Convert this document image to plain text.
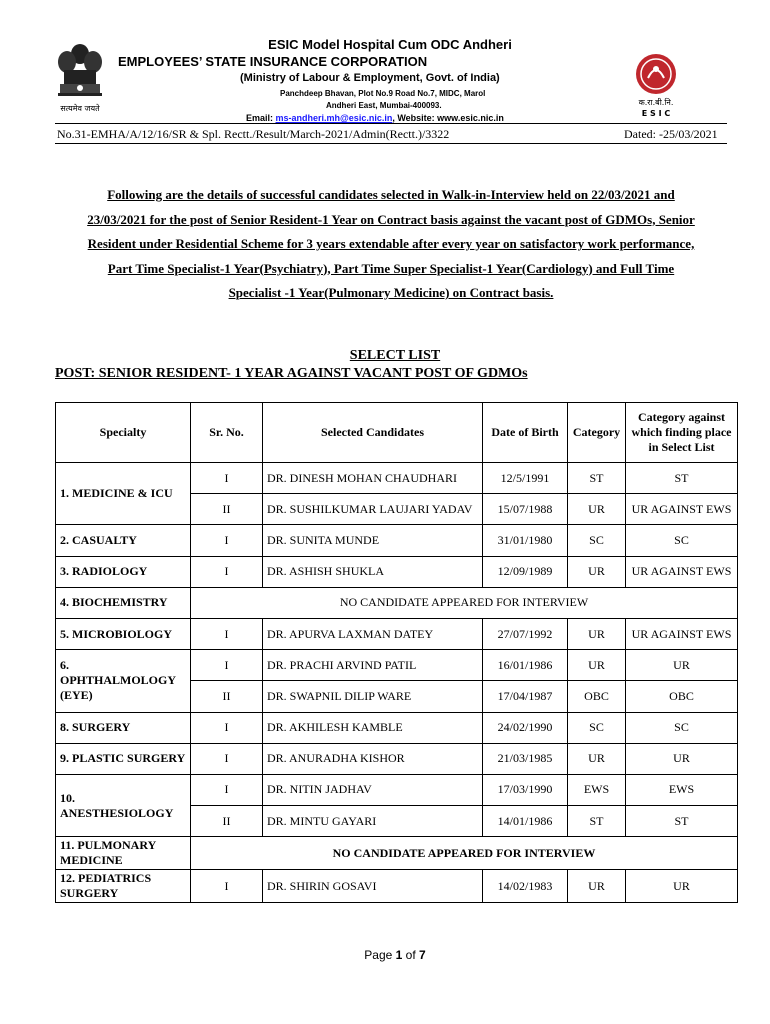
सत्यमेव जयते
ESIC Model Hospital Cum ODC Andheri
EMPLOYEES’ STATE INSURANCE CORPORATION
(Ministry of Labour & Employment, Govt. of India)
Panchdeep Bhavan, Plot No.9 Road No.7, MIDC, Marol
Andheri East, Mumbai-400093.
Email: ms-andheri.mh@esic.nic.in, Website: www.esic.nic.in
क.रा.बी.नि.
E S I C
No.31-EMHA/A/12/16/SR & Spl. Rectt./Result/March-2021/Admin(Rectt.)/3322	Dated: -25/03/2021
Following are the details of successful candidates selected in Walk-in-Interview held on 22/03/2021 and
23/03/2021 for the post of Senior Resident-1 Year on Contract basis against the vacant post of GDMOs, Senior
Resident under Residential Scheme for 3 years extendable after every year on satisfactory work performance,
Part Time Specialist-1 Year(Psychiatry), Part Time Super Specialist-1 Year(Cardiology) and Full Time
Specialist -1 Year(Pulmonary Medicine) on Contract basis.
SELECT LIST
POST: SENIOR RESIDENT- 1 YEAR AGAINST VACANT POST OF GDMOs
Specialty	Sr. No.	Selected Candidates	Date of Birth	Category	Category against which finding place in Select List
1. MEDICINE & ICU	I	DR. DINESH MOHAN CHAUDHARI	12/5/1991	ST	ST
	II	DR. SUSHILKUMAR LAUJARI YADAV	15/07/1988	UR	UR AGAINST EWS
2. CASUALTY	I	DR. SUNITA MUNDE	31/01/1980	SC	SC
3. RADIOLOGY	I	DR. ASHISH SHUKLA	12/09/1989	UR	UR AGAINST EWS
4. BIOCHEMISTRY	NO CANDIDATE APPEARED FOR INTERVIEW				
5. MICROBIOLOGY	I	DR. APURVA LAXMAN DATEY	27/07/1992	UR	UR AGAINST EWS
6. OPHTHALMOLOGY (EYE)	I	DR. PRACHI ARVIND PATIL	16/01/1986	UR	UR
	II	DR. SWAPNIL DILIP WARE	17/04/1987	OBC	OBC
8. SURGERY	I	DR. AKHILESH KAMBLE	24/02/1990	SC	SC
9. PLASTIC SURGERY	I	DR. ANURADHA KISHOR	21/03/1985	UR	UR
10. ANESTHESIOLOGY	I	DR. NITIN JADHAV	17/03/1990	EWS	EWS
	II	DR. MINTU GAYARI	14/01/1986	ST	ST
11. PULMONARY MEDICINE	NO CANDIDATE APPEARED FOR INTERVIEW				
12. PEDIATRICS SURGERY	I	DR. SHIRIN GOSAVI	14/02/1983	UR	UR
Page 1 of 7
